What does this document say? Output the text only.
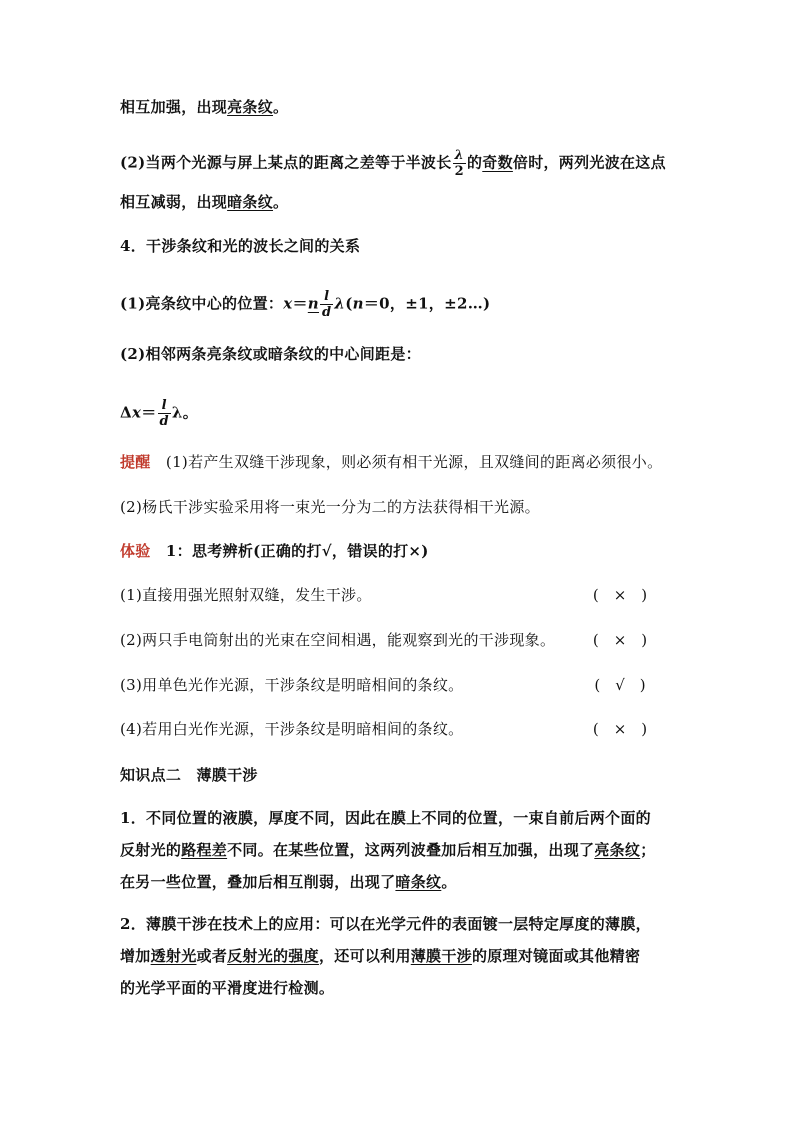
相互加强，出现亮条纹。
(2)当两个光源与屏上某点的距离之差等于半波长 $\frac{\lambda}{2}$ 的奇数倍时，两列光波在这点
相互减弱，出现暗条纹。
4．干涉条纹和光的波长之间的关系
(1)亮条纹中心的位置：$x=n \frac{l}{d} \lambda(n=0$，±1，±2…)
(2)相邻两条亮条纹或暗条纹的中心间距是：
$\Delta x= \frac{l}{d}$ λ。
提醒　 (1)若产生双缝干涉现象，则必须有相干光源，且双缝间的距离必须很小。
(2)杨氏干涉实验采用将一束光一分为二的方法获得相干光源。
体验　 1：思考辨析(正确的打√，错误的打×)
(1)直接用强光照射双缝，发生干涉。	(　×　)
(2)两只手电筒射出的光束在空间相遇，能观察到光的干涉现象。	(　×　)
(3)用单色光作光源，干涉条纹是明暗相间的条纹。	(　√　)
(4)若用白光作光源，干涉条纹是明暗相间的条纹。	(　×　)
知识点二　薄膜干涉
1．不同位置的液膜，厚度不同，因此在膜上不同的位置，一束自前后两个面的
反射光的路程差不同。在某些位置，这两列波叠加后相互加强，出现了亮条纹；
在另一些位置，叠加后相互削弱，出现了暗条纹。
2．薄膜干涉在技术上的应用：可以在光学元件的表面镀一层特定厚度的薄膜，
增加透射光或者反射光的强度，还可以利用薄膜干涉的原理对镜面或其他精密
的光学平面的平滑度进行检测。
